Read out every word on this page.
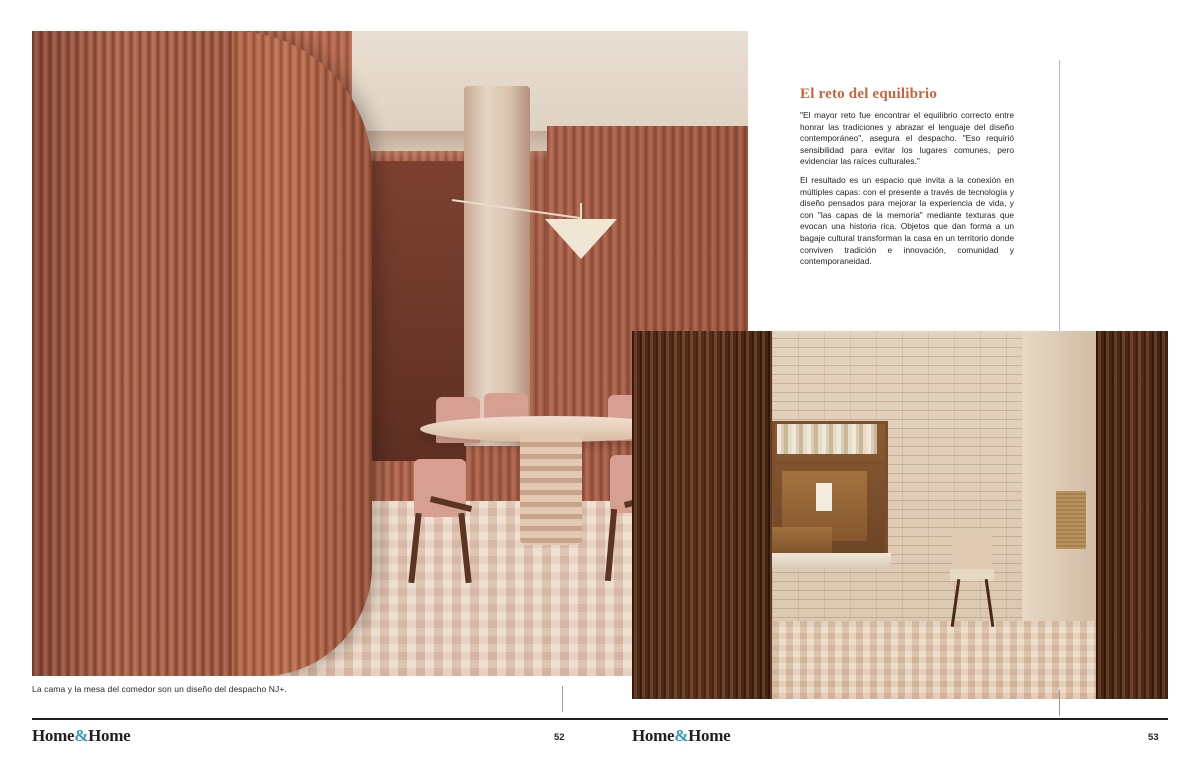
La cama y la mesa del comedor son un diseño del despacho NJ+.
Home&Home	52
El reto del equilibrio

"El mayor reto fue encontrar el equilibrio correcto entre honrar las tradiciones y abrazar el lenguaje del diseño contemporáneo", asegura el despacho. "Eso requirió sensibilidad para evitar los lugares comunes, pero evidenciar las raíces culturales."

El resultado es un espacio que invita a la conexión en múltiples capas: con el presente a través de tecnología y diseño pensados para mejorar la experiencia de vida, y con "las capas de la memoria" mediante texturas que evocan una historia rica. Objetos que dan forma a un bagaje cultural transforman la casa en un territorio donde conviven tradición e innovación, comunidad y contemporaneidad.

Home&Home	53
